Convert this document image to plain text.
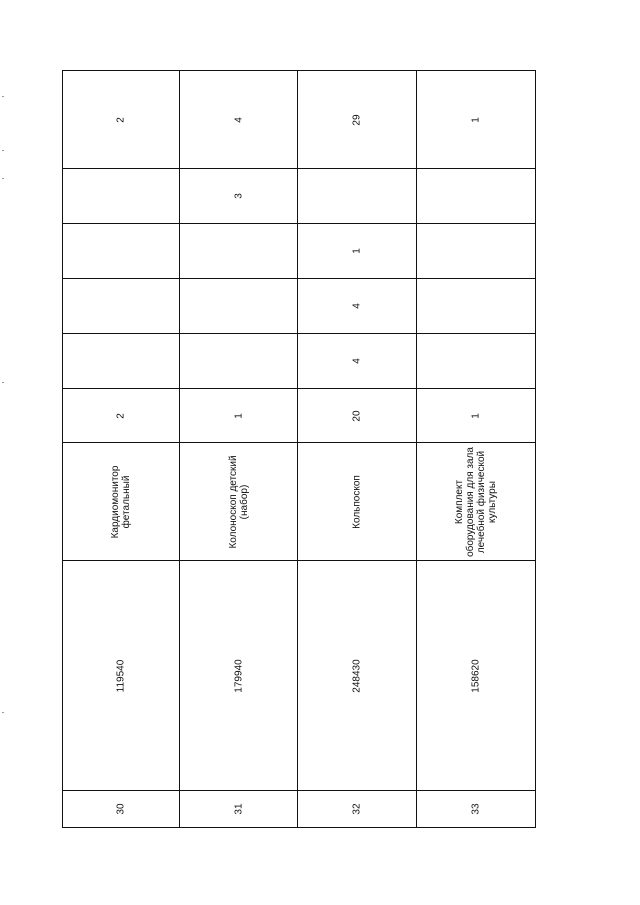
2
2
Кардиомонитор
фетальный
119540
30
4
3
1
Колоноскоп детский
(набор)
179940
31
29
1
4
4
20
Кольпоскоп
248430
32
1
1
Комплект
оборудования для зала
лечебной физической
культуры
158620
33
